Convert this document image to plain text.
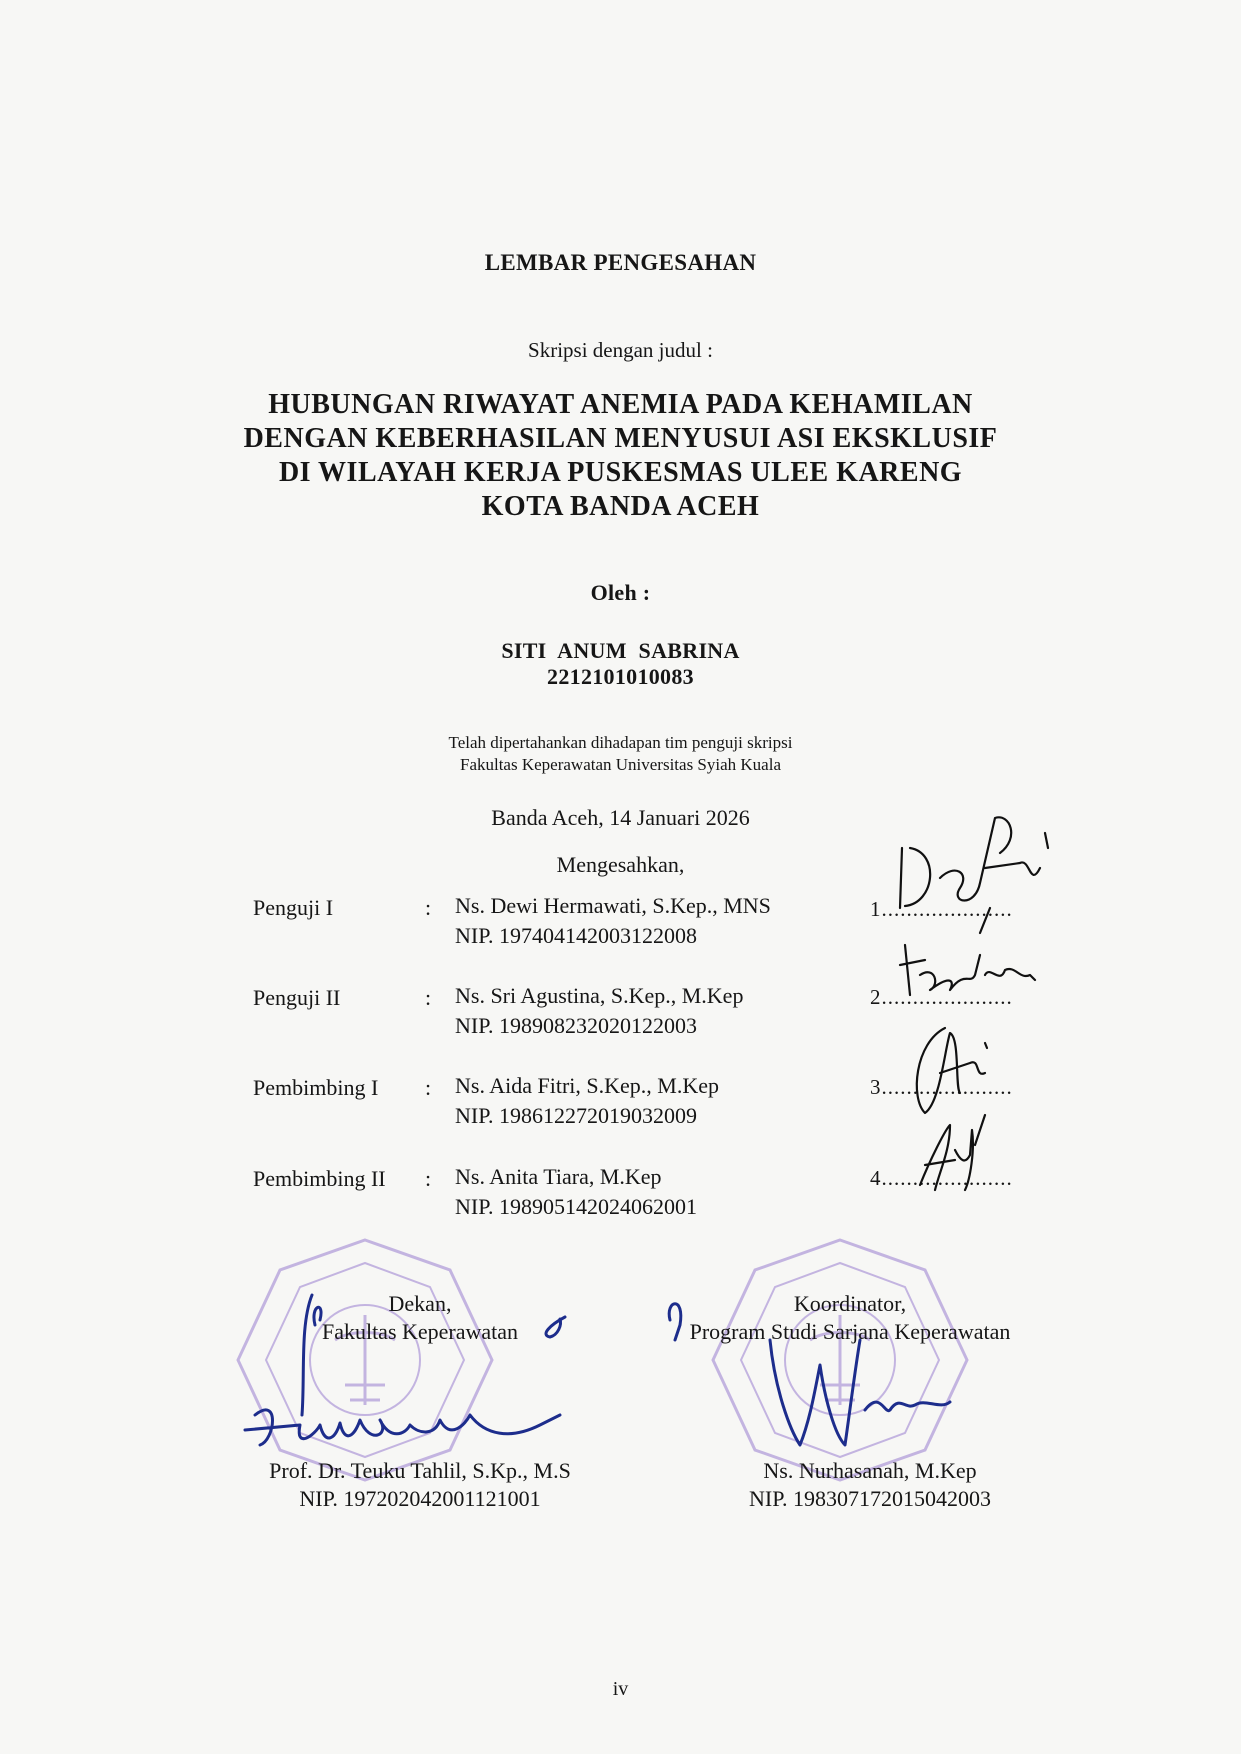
LEMBAR PENGESAHAN
Skripsi dengan judul :
HUBUNGAN RIWAYAT ANEMIA PADA KEHAMILAN
DENGAN KEBERHASILAN MENYUSUI ASI EKSKLUSIF
DI WILAYAH KERJA PUSKESMAS ULEE KARENG
KOTA BANDA ACEH
Oleh :
SITI ANUM SABRINA
2212101010083
Telah dipertahankan dihadapan tim penguji skripsi
Fakultas Keperawatan Universitas Syiah Kuala
Banda Aceh, 14 Januari 2026
Mengesahkan,
Penguji I	: Ns. Dewi Hermawati, S.Kep., MNS
NIP. 197404142003122008
1.....................
Penguji II	: Ns. Sri Agustina, S.Kep., M.Kep
NIP. 198908232020122003
2.....................
Pembimbing I : Ns. Aida Fitri, S.Kep., M.Kep
NIP. 198612272019032009
3.....................
Pembimbing II : Ns. Anita Tiara, M.Kep
NIP. 198905142024062001
4.....................
Dekan,
Fakultas Keperawatan
Prof. Dr. Teuku Tahlil, S.Kp., M.S
NIP. 197202042001121001
Koordinator,
Program Studi Sarjana Keperawatan
Ns. Nurhasanah, M.Kep
NIP. 198307172015042003
iv
